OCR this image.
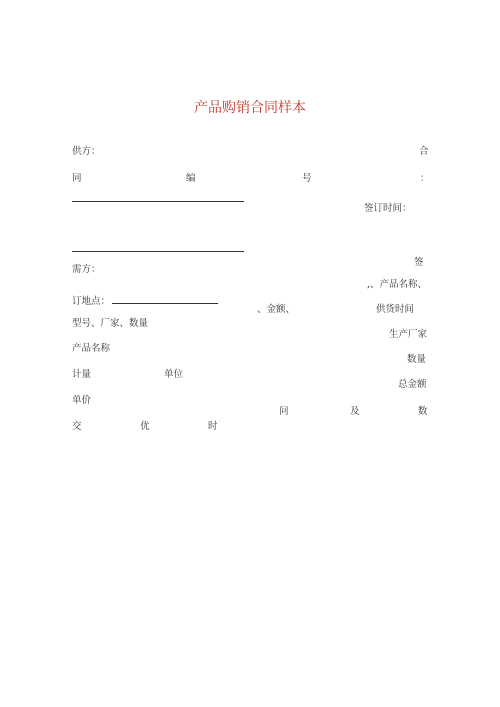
产品购销合同样本
供方：	合
同	编	号	：
签订时间：
签
需方：
,、产品名称、
订地点：
、金额、	供货时间
型号、厂家、数量
生产厂家
产品名称
数量
计量	单位
总金额
单价
问	及	数
交	优	时
